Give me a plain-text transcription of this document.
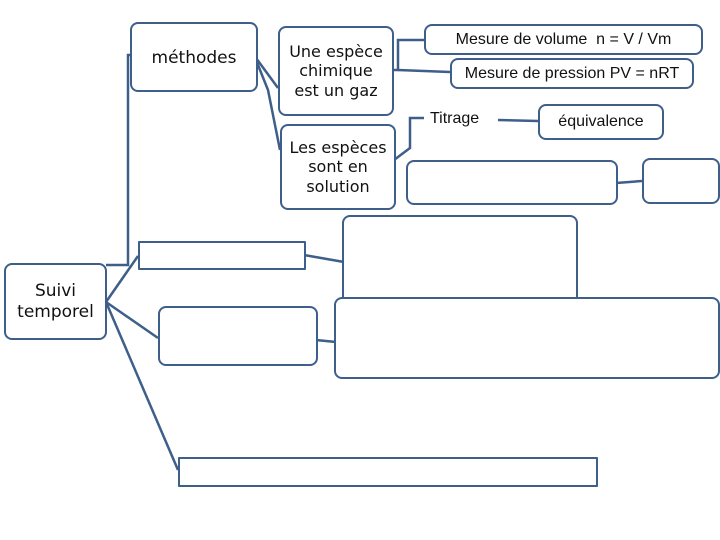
Suivi temporel
méthodes	Une espèce chimique est un gaz
Les espèces sont en solution
Mesure de volume  n = V / Vm
Mesure de pression PV = nRT
Titrage	équivalence
